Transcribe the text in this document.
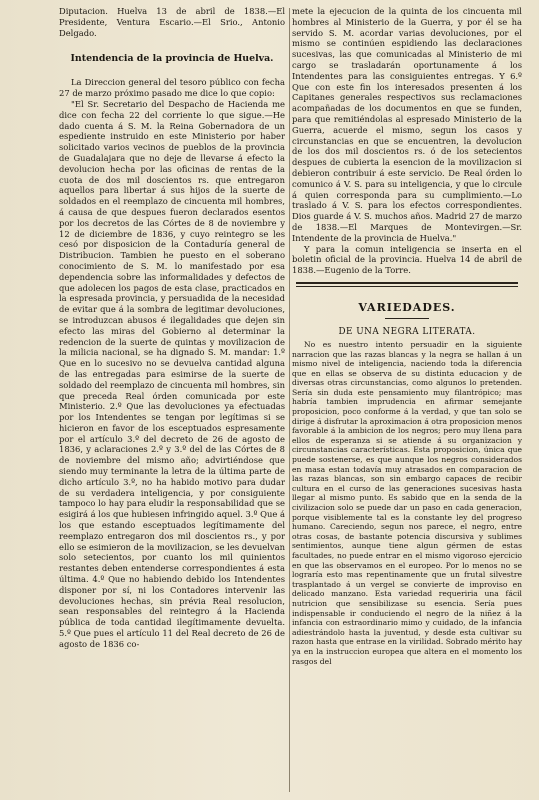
Diputacion. Huelva 13 de abril de 1838.—El Presidente, Ventura Escario.—El Srio., Antonio Delgado.

Intendencia de la provincia de Huelva.

La Direccion general del tesoro público con fecha 27 de marzo próximo pasado me dice lo que copio:

"El Sr. Secretario del Despacho de Hacienda me dice con fecha 22 del corriente lo que sigue.—He dado cuenta á S. M. la Reina Gobernadora de un espediente instruido en este Ministerio por haber solicitado varios vecinos de pueblos de la provincia de Guadalajara que no deje de llevarse á efecto la devolucion hecha por las oficinas de rentas de la cuota de dos mil doscientos rs. que entregaron aquellos para libertar á sus hijos de la suerte de soldados en el reemplazo de cincuenta mil hombres, á causa de que despues fueron declarados esentos por los decretos de las Córtes de 8 de noviembre y 12 de diciembre de 1836, y cuyo reintegro se les cesó por disposicion de la Contaduría general de Distribucion. Tambien he puesto en el soberano conocimiento de S. M. lo manifestado por esa dependencia sobre las informalidades y defectos de que adolecen los pagos de esta clase, practicados en la espresada provincia, y persuadida de la necesidad de evitar que á la sombra de legitimar devoluciones, se introduzcan abusos é ilegalidades que dejen sin efecto las miras del Gobierno al determinar la redencion de la suerte de quintas y movilizacion de la milicia nacional, se ha dignado S. M. mandar: 1.º Que en lo sucesivo no se devuelva cantidad alguna de las entregadas para esimirse de la suerte de soldado del reemplazo de cincuenta mil hombres, sin que preceda Real órden comunicada por este Ministerio. 2.º Que las devoluciones ya efectuadas por los Intendentes se tengan por legítimas si se hicieron en favor de los esceptuados espresamente por el artículo 3.º del decreto de 26 de agosto de 1836, y aclaraciones 2.º y 3.º del de las Córtes de 8 de noviembre del mismo año; advirtiéndose que siendo muy terminante la letra de la última parte de dicho artículo 3.º, no ha habido motivo para dudar de su verdadera inteligencia, y por consiguiente tampoco lo hay para eludir la responsabilidad que se esigirá á los que hubiesen infringido aquel. 3.º Que á los que estando esceptuados legítimamente del reemplazo entregaron dos mil doscientos rs., y por ello se esimieron de la movilizacion, se les devuelvan solo setecientos, por cuanto los mil quinientos restantes deben entenderse correspondientes á esta última. 4.º Que no habiendo debido los Intendentes disponer por sí, ni los Contadores intervenir las devoluciones hechas, sin prévia Real resolucion, sean responsables del reintegro á la Hacienda pública de toda cantidad ilegítimamente devuelta. 5.º Que pues el artículo 11 del Real decreto de 26 de agosto de 1836 co-

mete la ejecucion de la quinta de los cincuenta mil hombres al Ministerio de la Guerra, y por él se ha servido S. M. acordar varias devoluciones, por el mismo se continúen espidiendo las declaraciones sucesivas, las que comunicadas al Ministerio de mi cargo se trasladarán oportunamente á los Intendentes para las consiguientes entregas. Y 6.º Que con este fin los interesados presenten á los Capitanes generales respectivos sus reclamaciones acompañadas de los documentos en que se funden, para que remitiéndolas al espresado Ministerio de la Guerra, acuerde el mismo, segun los casos y circunstancias en que se encuentren, la devolucion de los dos mil doscientos rs. ó de los setecientos despues de cubierta la esencion de la movilizacion si debieron contribuir á este servicio. De Real órden lo comunico á V. S. para su inteligencia, y que lo circule á quien corresponda para su cumplimiento.—Lo traslado á V. S. para los efectos correspondientes. Dios guarde á V. S. muchos años. Madrid 27 de marzo de 1838.—El Marques de Montevirgen.—Sr. Intendente de la provincia de Huelva."

Y para la comun inteligencia se inserta en el boletin oficial de la provincia. Huelva 14 de abril de 1838.—Eugenio de la Torre.

VARIEDADES.
DE UNA NEGRA LITERATA.

No es nuestro intento persuadir en la siguiente narracion que las razas blancas y la negra se hallan á un mismo nivel de inteligencia, naciendo toda la diferencia que en ellas se observa de su distinta educacion y de diversas otras circunstancias, como algunos lo pretenden. Sería sin duda este pensamiento muy filantrópico; mas habría tambien imprudencia en afirmar semejante proposicion, poco conforme á la verdad, y que tan solo se dirige á disfrutar la aproximacion á otra proposicion menos favorable á la ambicion de los negros; pero muy llena para ellos de esperanza si se atiende á su organizacion y circunstancias características. Esta proposicion, única que puede sostenerse, es que aunque los negros considerados en masa estan todavía muy atrasados en comparacion de las razas blancas, son sin embargo capaces de recibir cultura en el curso de las generaciones sucesivas hasta llegar al mismo punto. Es sabido que en la senda de la civilizacion solo se puede dar un paso en cada generacion, porque visiblemente tal es la constante ley del progreso humano. Careciendo, segun nos parece, el negro, entre otras cosas, de bastante potencia discursiva y sublimes sentimientos, aunque tiene algun gérmen de estas facultades, no puede entrar en el mismo vigoroso ejercicio en que las observamos en el europeo. Por lo menos no se lograría esto mas repentinamente que un frutal silvestre trasplantado á un vergel se convierte de improviso en delicado manzano. Esta variedad requeriria una fácil nutricion que sensibilizase su esencia. Sería pues indispensable ir conduciendo el negro de la niñez á la infancia con estraordinario mimo y cuidado, de la infancia adiestrándolo hasta la juventud, y desde esta cultivar su razon hasta que entrase en la virilidad. Sobrado mérito hay ya en la instruccion europea que altera en el momento los rasgos del
